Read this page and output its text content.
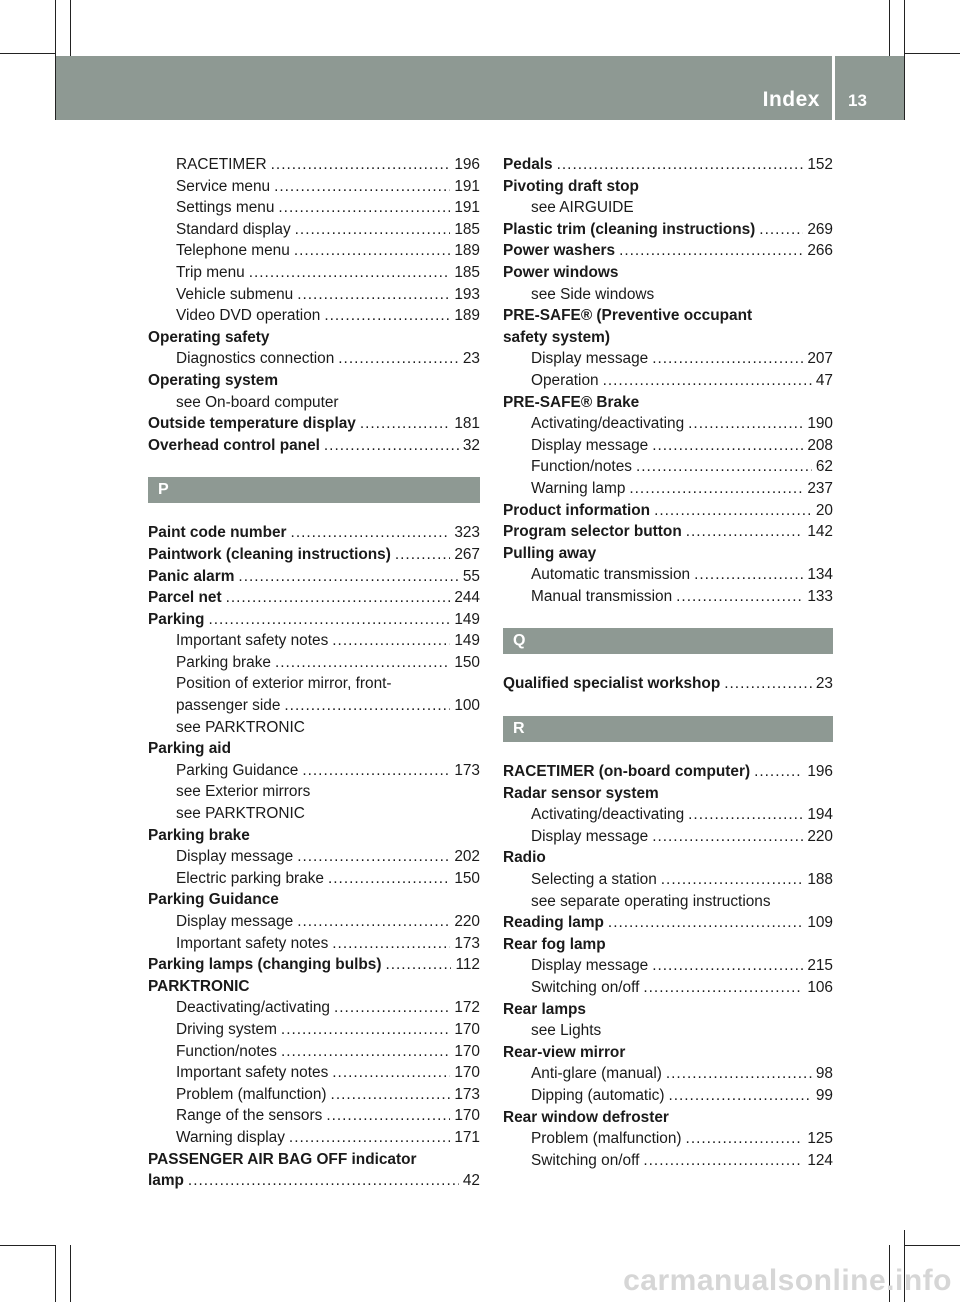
Index 13
RACETIMER .....	196
Service menu .....	191
Settings menu .....	191
Standard display .....	185
Telephone menu .....	189
Trip menu .....	185
Vehicle submenu .....	193
Video DVD operation .....	189
Operating safety
Diagnostics connection .....	23
Operating system
see On-board computer
Outside temperature display .....	181
Overhead control panel .....	32
P
Paint code number .....	323
Paintwork (cleaning instructions) .....	267
Panic alarm .....	55
Parcel net .....	244
Parking .....	149
Important safety notes .....	149
Parking brake .....	150
Position of exterior mirror, front-
passenger side .....	100
see PARKTRONIC
Parking aid
Parking Guidance .....	173
see Exterior mirrors
see PARKTRONIC
Parking brake
Display message .....	202
Electric parking brake .....	150
Parking Guidance
Display message .....	220
Important safety notes .....	173
Parking lamps (changing bulbs) .....	112
PARKTRONIC
Deactivating/activating .....	172
Driving system .....	170
Function/notes .....	170
Important safety notes .....	170
Problem (malfunction) .....	173
Range of the sensors .....	170
Warning display .....	171
PASSENGER AIR BAG OFF indicator
lamp .....	42
Pedals .....	152
Pivoting draft stop
see AIRGUIDE
Plastic trim (cleaning instructions) .....	269
Power washers .....	266
Power windows
see Side windows
PRE-SAFE® (Preventive occupant
safety system)
Display message .....	207
Operation .....	47
PRE-SAFE® Brake
Activating/deactivating .....	190
Display message .....	208
Function/notes .....	62
Warning lamp .....	237
Product information .....	20
Program selector button .....	142
Pulling away
Automatic transmission .....	134
Manual transmission .....	133
Q
Qualified specialist workshop .....	23
R
RACETIMER (on-board computer) .....	196
Radar sensor system
Activating/deactivating .....	194
Display message .....	220
Radio
Selecting a station .....	188
see separate operating instructions
Reading lamp .....	109
Rear fog lamp
Display message .....	215
Switching on/off .....	106
Rear lamps
see Lights
Rear-view mirror
Anti-glare (manual) .....	98
Dipping (automatic) .....	99
Rear window defroster
Problem (malfunction) .....	125
Switching on/off .....	124
carmanualsonline.info
